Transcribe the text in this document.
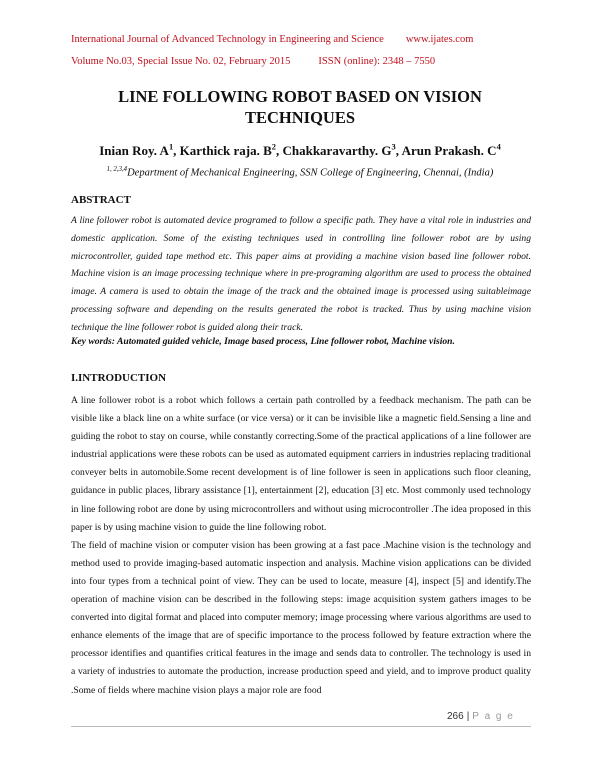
International Journal of Advanced Technology in Engineering and Science www.ijates.com
Volume No.03, Special Issue No. 02, February 2015	ISSN (online): 2348 – 7550
LINE FOLLOWING ROBOT BASED ON VISION
TECHNIQUES
Inian Roy. $A^1$, Karthick raja. $B^2$, Chakkaravarthy. $G^3$, Arun Prakash. $C^4$
$^{1, 2,3,4}$Department of Mechanical Engineering, SSN College of Engineering, Chennai, (India)
ABSTRACT

A line follower robot is automated device programed to follow a specific path. They have a vital role in industries and domestic application. Some of the existing techniques used in controlling line follower robot are by using microcontroller, guided tape method etc. This paper aims at providing a machine vision based line follower robot. Machine vision is an image processing technique where in pre-programing algorithm are used to process the obtained image. A camera is used to obtain the image of the track and the obtained image is processed using suitableimage processing software and depending on the results generated the robot is tracked. Thus by using machine vision technique the line follower robot is guided along their track.

Key words: Automated guided vehicle, Image based process, Line follower robot, Machine vision.
I.INTRODUCTION

A line follower robot is a robot which follows a certain path controlled by a feedback mechanism. The path can be visible like a black line on a white surface (or vice versa) or it can be invisible like a magnetic field.Sensing a line and guiding the robot to stay on course, while constantly correcting.Some of the practical applications of a line follower are industrial applications were these robots can be used as automated equipment carriers in industries replacing traditional conveyer belts in automobile.Some recent development is of line follower is seen in applications such floor cleaning, guidance in public places, library assistance [1], entertainment [2], education [3] etc. Most commonly used technology in line following robot are done by using microcontrollers and without using microcontroller .The idea proposed in this paper is by using machine vision to guide the line following robot.

The field of machine vision or computer vision has been growing at a fast pace .Machine vision is the technology and method used to provide imaging-based automatic inspection and analysis. Machine vision applications can be divided into four types from a technical point of view. They can be used to locate, measure [4], inspect [5] and identify.The operation of machine vision can be described in the following steps: image acquisition system gathers images to be converted into digital format and placed into computer memory; image processing where various algorithms are used to enhance elements of the image that are of specific importance to the process followed by feature extraction where the processor identifies and quantifies critical features in the image and sends data to controller. The technology is used in a variety of industries to automate the production, increase production speed and yield, and to improve product quality .Some of fields where machine vision plays a major role are food

266 | P a g e
